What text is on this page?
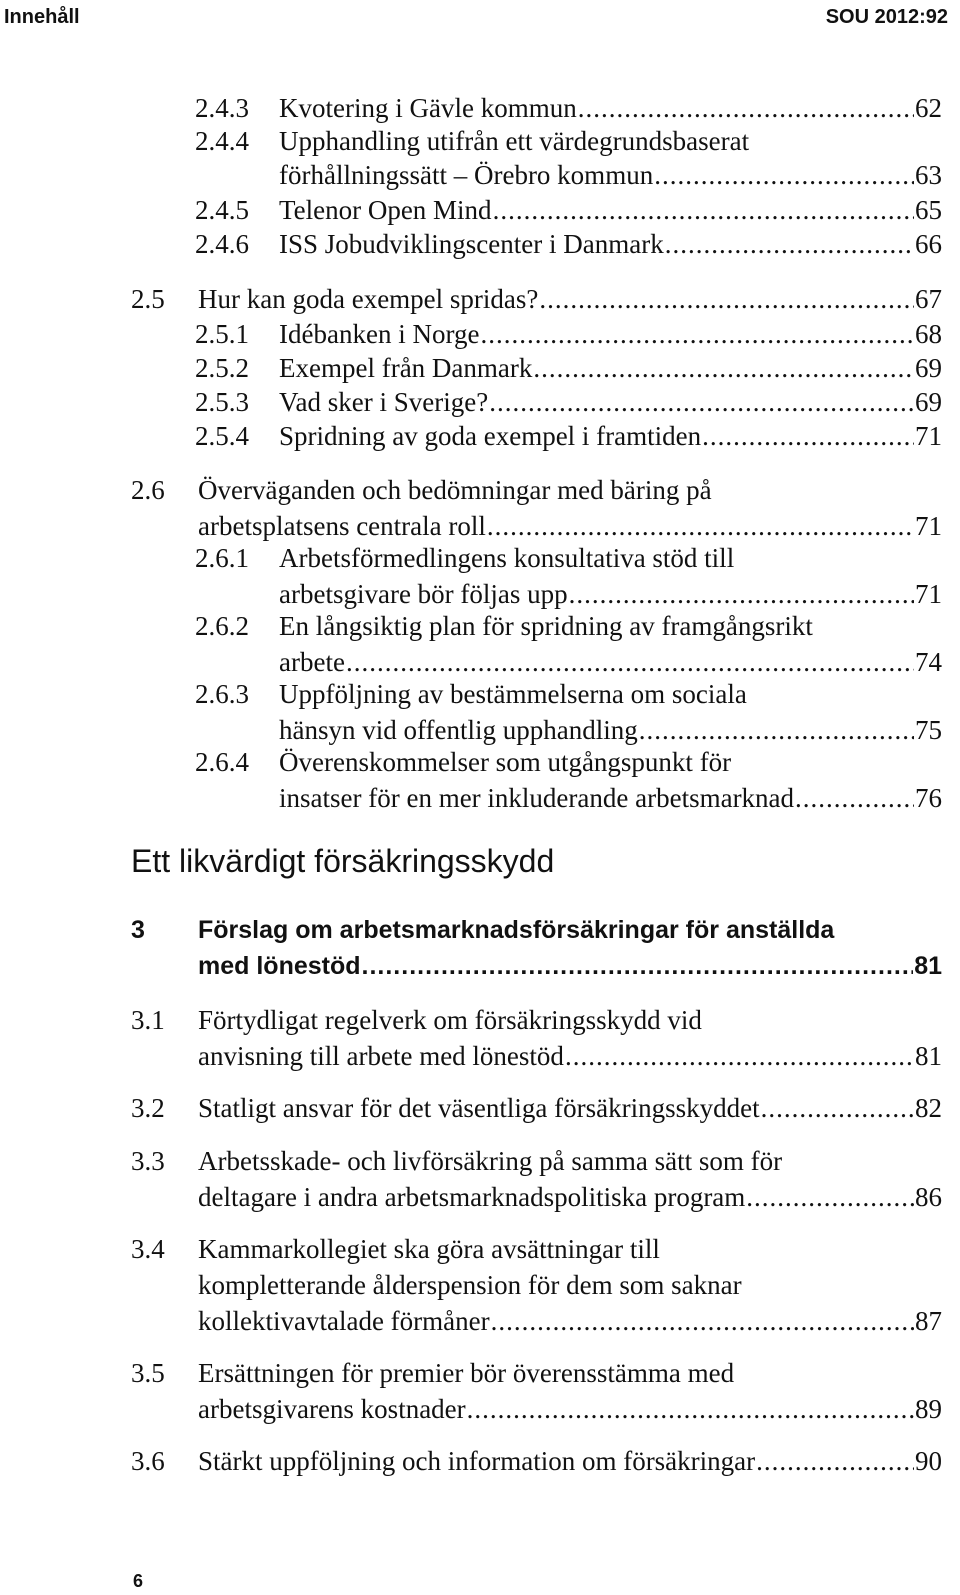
Innehåll	SOU 2012:92
2.4.3 Kvotering i Gävle kommun .....	62
2.4.4 Upphandling utifrån ett värdegrundsbaserat
förhållningssätt – Örebro kommun .....	63
2.4.5 Telenor Open Mind .....	65
2.4.6 ISS Jobudviklingscenter i Danmark .....	66
2.5 Hur kan goda exempel spridas? .....	67
2.5.1 Idébanken i Norge .....	68
2.5.2 Exempel från Danmark .....	69
2.5.3 Vad sker i Sverige? .....	69
2.5.4 Spridning av goda exempel i framtiden .....	71
2.6 Överväganden och bedömningar med bäring på
arbetsplatsens centrala roll .....	71
2.6.1 Arbetsförmedlingens konsultativa stöd till
arbetsgivare bör följas upp .....	71
2.6.2 En långsiktig plan för spridning av framgångsrikt
arbete .....	74
2.6.3 Uppföljning av bestämmelserna om sociala
hänsyn vid offentlig upphandling .....	75
2.6.4 Överenskommelser som utgångspunkt för
insatser för en mer inkluderande arbetsmarknad .....	76
Ett likvärdigt försäkringsskydd
3 Förslag om arbetsmarknadsförsäkringar för anställda
med lönestöd .....	81
3.1 Förtydligat regelverk om försäkringsskydd vid
anvisning till arbete med lönestöd .....	81
3.2 Statligt ansvar för det väsentliga försäkringsskyddet .....	82
3.3 Arbetsskade- och livförsäkring på samma sätt som för
deltagare i andra arbetsmarknadspolitiska program .....	86
3.4 Kammarkollegiet ska göra avsättningar till
kompletterande ålderspension för dem som saknar
kollektivavtalade förmåner .....	87
3.5 Ersättningen för premier bör överensstämma med
arbetsgivarens kostnader .....	89
3.6 Stärkt uppföljning och information om försäkringar .....	90
6
